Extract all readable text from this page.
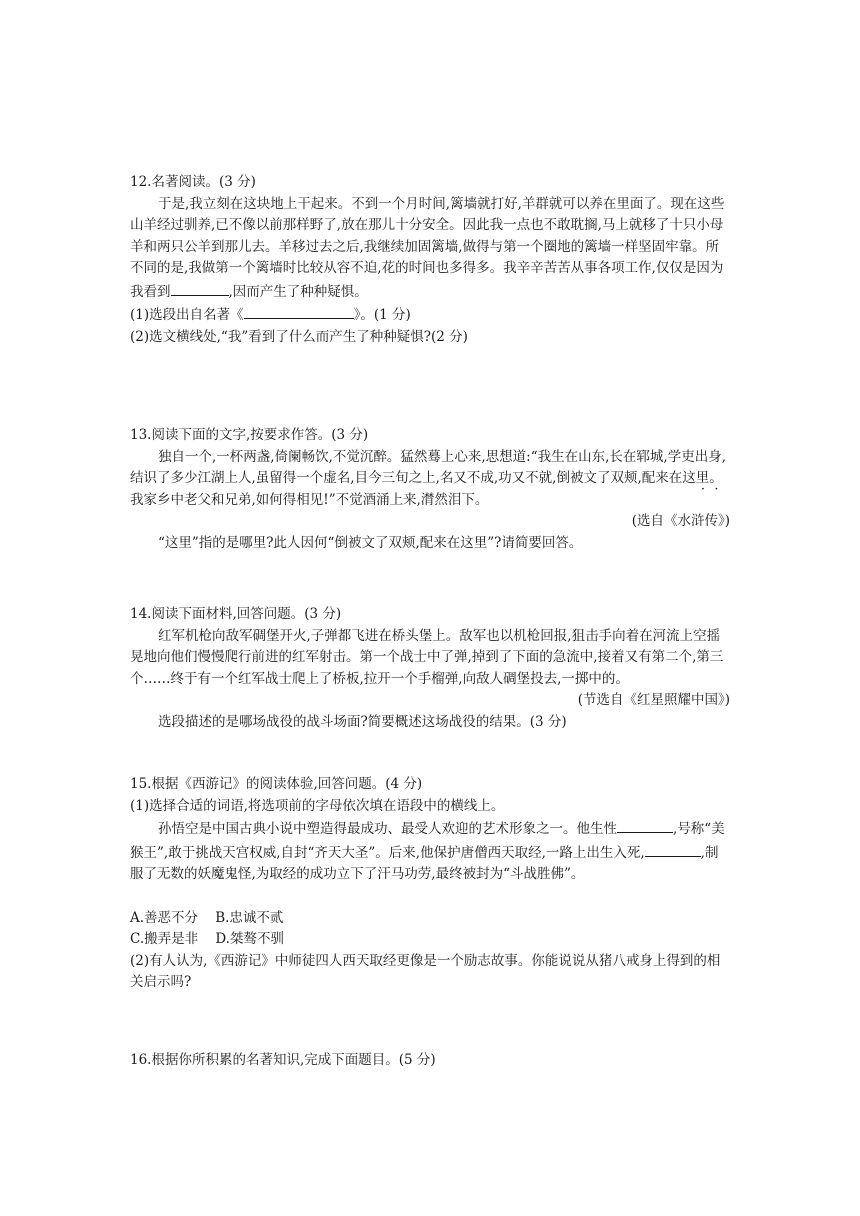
12.名著阅读。(3 分)

于是,我立刻在这块地上干起来。不到一个月时间,篱墙就打好,羊群就可以养在里面了。现在这些山羊经过驯养,已不像以前那样野了,放在那儿十分安全。因此我一点也不敢耽搁,马上就移了十只小母羊和两只公羊到那儿去。羊移过去之后,我继续加固篱墙,做得与第一个圈地的篱墙一样坚固牢靠。所不同的是,我做第一个篱墙时比较从容不迫,花的时间也多得多。我辛辛苦苦从事各项工作,仅仅是因为我看到	,因而产生了种种疑惧。

(1)选段出自名著《	》。(1 分)

(2)选文横线处,“我”看到了什么而产生了种种疑惧?(2 分)

13.阅读下面的文字,按要求作答。(3 分)

独自一个,一杯两盏,倚阑畅饮,不觉沉醉。猛然蓦上心来,思想道:“我生在山东,长在郓城,学吏出身,结识了多少江湖上人,虽留得一个虚名,目今三旬之上,名又不成,功又不就,倒被文了双颊,配来在这里。我家乡中老父和兄弟,如何得相见!”不觉酒涌上来,潸然泪下。

(选自《水浒传》)

“这里”指的是哪里?此人因何“倒被文了双颊,配来在这里”?请简要回答。

14.阅读下面材料,回答问题。(3 分)

红军机枪向敌军碉堡开火,子弹都飞进在桥头堡上。敌军也以机枪回报,狙击手向着在河流上空摇晃地向他们慢慢爬行前进的红军射击。第一个战士中了弹,掉到了下面的急流中,接着又有第二个,第三个……终于有一个红军战士爬上了桥板,拉开一个手榴弹,向敌人碉堡投去,一掷中的。

(节选自《红星照耀中国》)

选段描述的是哪场战役的战斗场面?简要概述这场战役的结果。(3 分)

15.根据《西游记》的阅读体验,回答问题。(4 分)

(1)选择合适的词语,将选项前的字母依次填在语段中的横线上。

孙悟空是中国古典小说中塑造得最成功、最受人欢迎的艺术形象之一。他生性	,号称“美猴王”,敢于挑战天宫权威,自封“齐天大圣”。后来,他保护唐僧西天取经,一路上出生入死,	,制服了无数的妖魔鬼怪,为取经的成功立下了汗马功劳,最终被封为“斗战胜佛”。

A.善恶不分 B.忠诚不贰

C.搬弄是非 D.桀骜不驯

(2)有人认为,《西游记》中师徒四人西天取经更像是一个励志故事。你能说说从猪八戒身上得到的相关启示吗?

16.根据你所积累的名著知识,完成下面题目。(5 分)
